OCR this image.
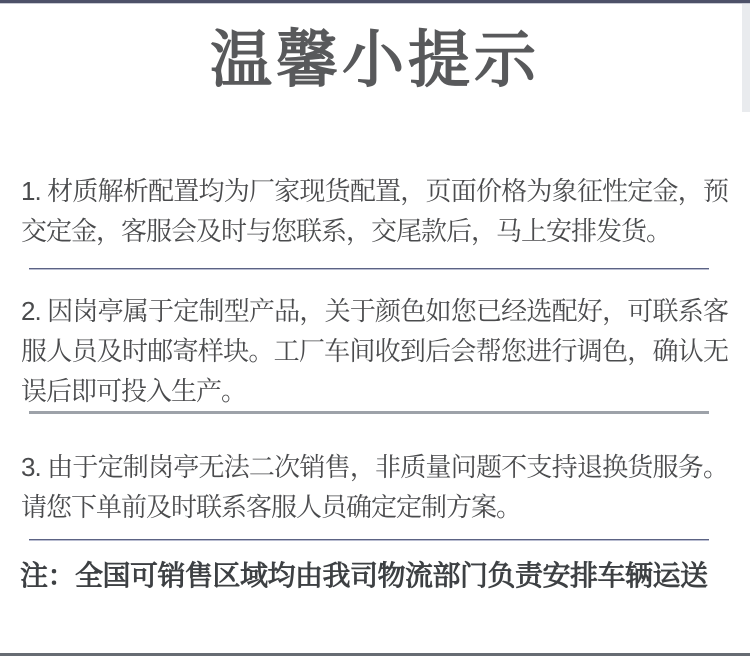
温馨小提示

1. 材质解析配置均为厂家现货配置，页面价格为象征性定金，预交定金，客服会及时与您联系，交尾款后，马上安排发货。

2. 因岗亭属于定制型产品，关于颜色如您已经选配好，可联系客服人员及时邮寄样块。工厂车间收到后会帮您进行调色，确认无误后即可投入生产。

3. 由于定制岗亭无法二次销售，非质量问题不支持退换货服务。请您下单前及时联系客服人员确定定制方案。

注：全国可销售区域均由我司物流部门负责安排车辆运送
